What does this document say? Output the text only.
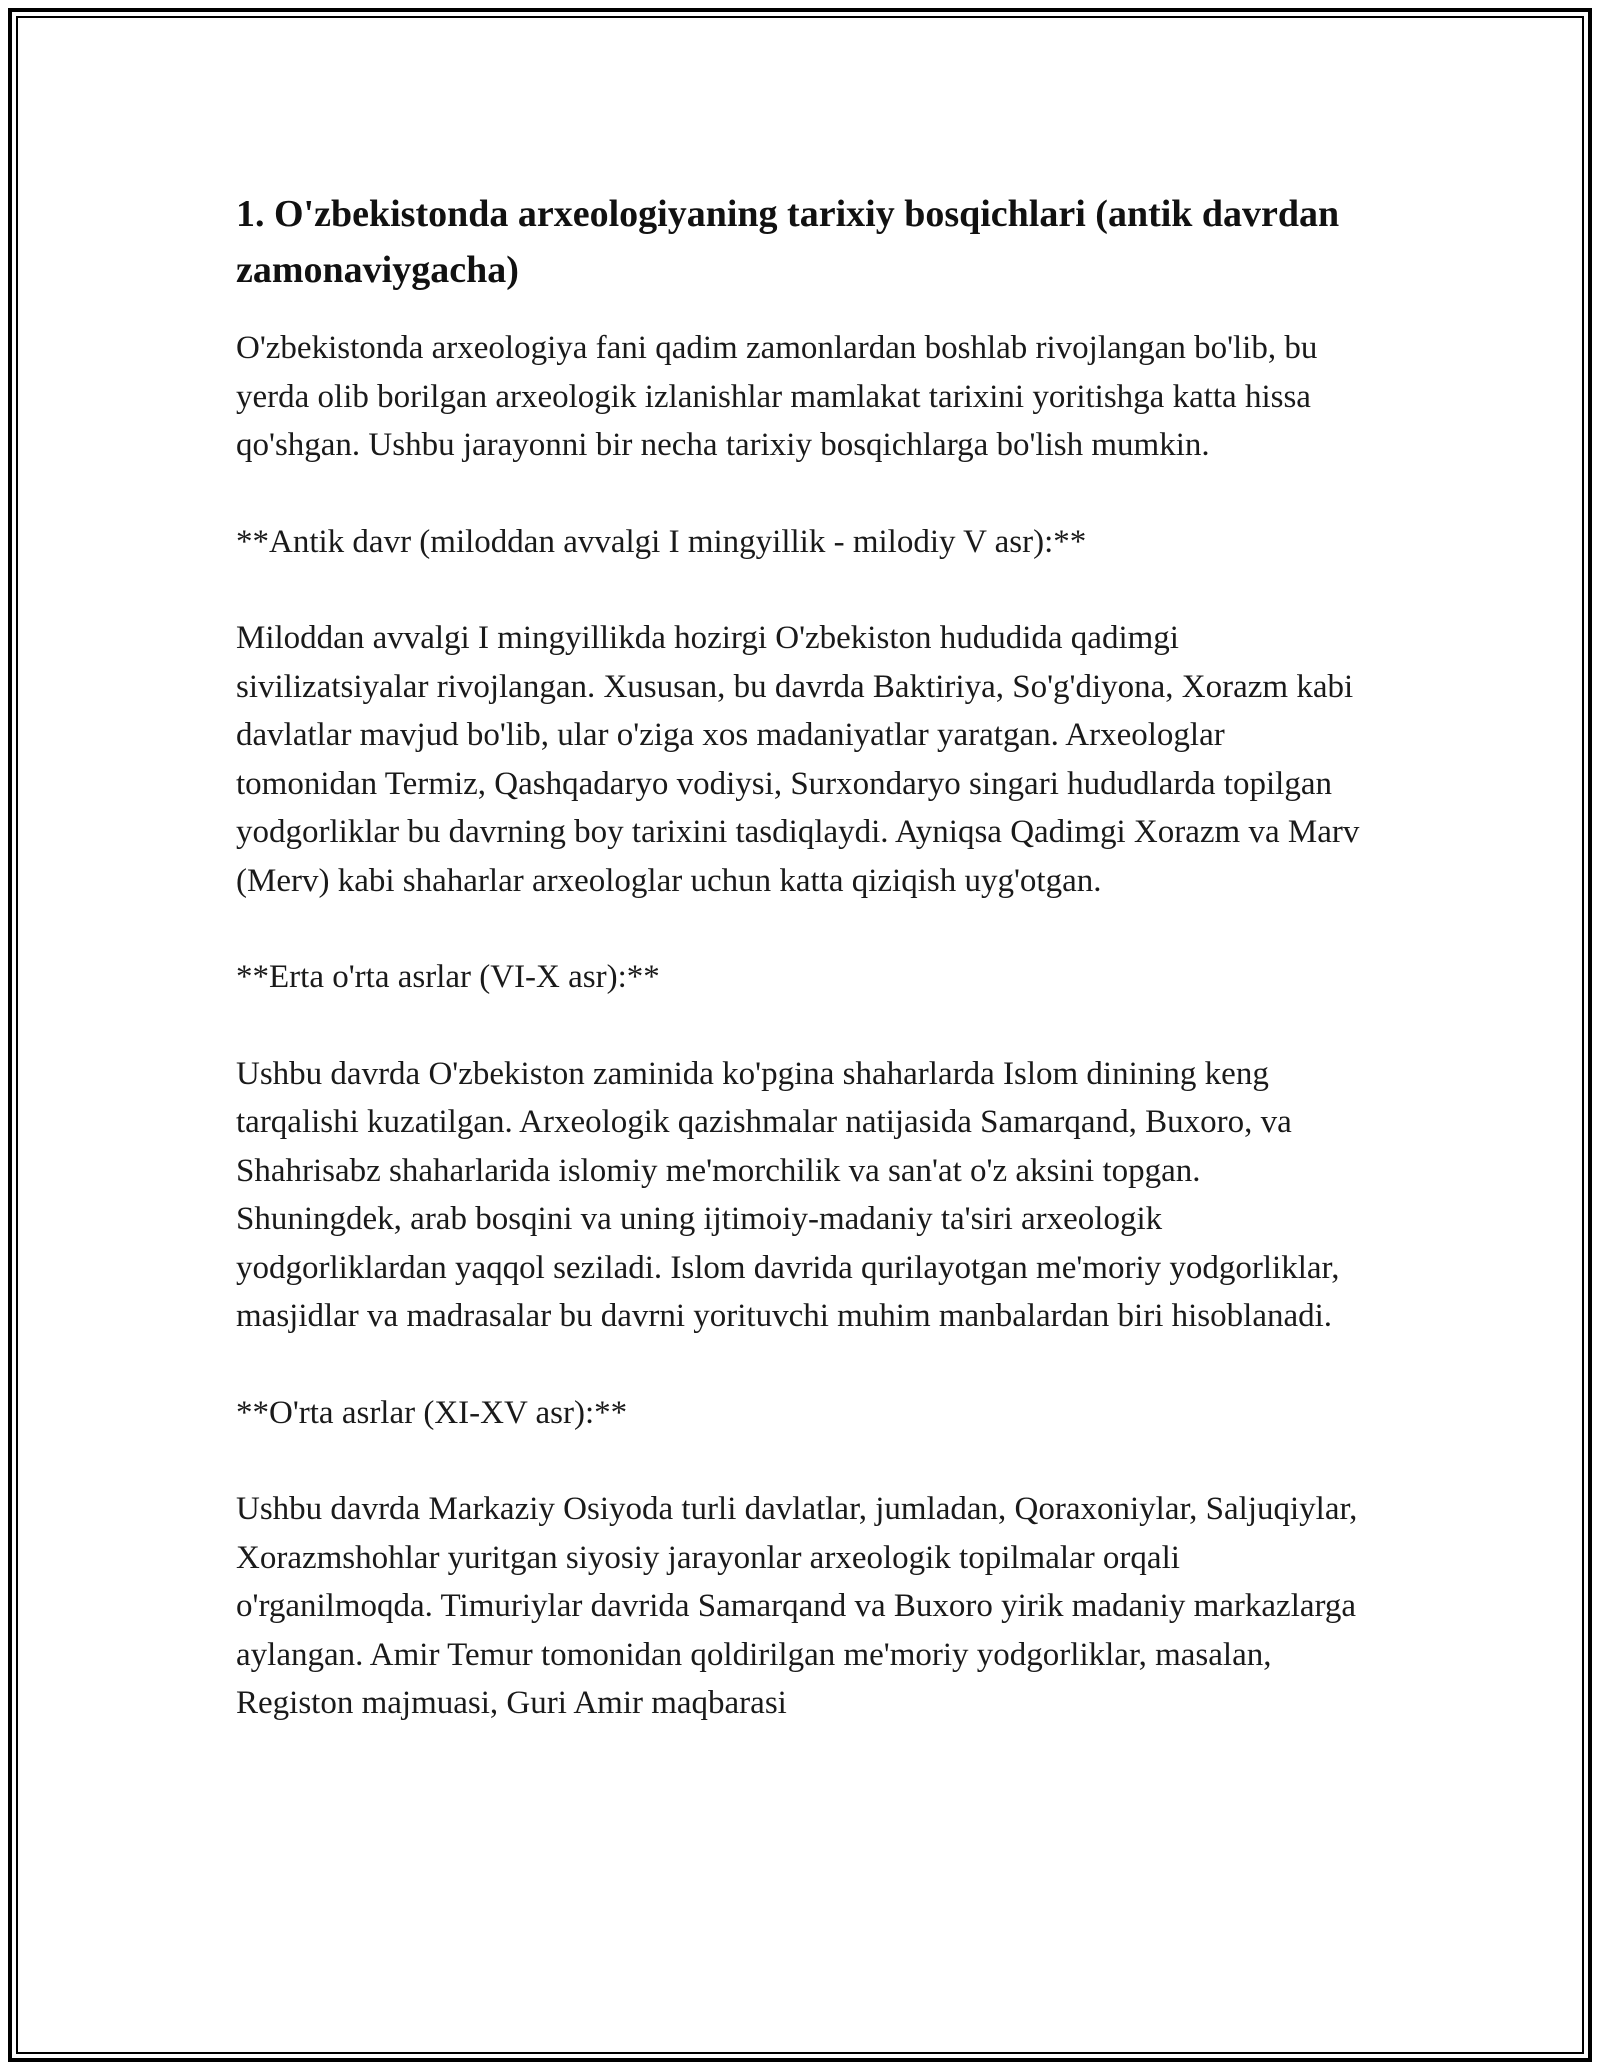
1. O'zbekistonda arxeologiyaning tarixiy bosqichlari (antik davrdan zamonaviygacha)

O'zbekistonda arxeologiya fani qadim zamonlardan boshlab rivojlangan bo'lib, bu yerda olib borilgan arxeologik izlanishlar mamlakat tarixini yoritishga katta hissa qo'shgan. Ushbu jarayonni bir necha tarixiy bosqichlarga bo'lish mumkin.

**Antik davr (miloddan avvalgi I mingyillik - milodiy V asr):**

Miloddan avvalgi I mingyillikda hozirgi O'zbekiston hududida qadimgi sivilizatsiyalar rivojlangan. Xususan, bu davrda Baktiriya, So'g'diyona, Xorazm kabi davlatlar mavjud bo'lib, ular o'ziga xos madaniyatlar yaratgan. Arxeologlar tomonidan Termiz, Qashqadaryo vodiysi, Surxondaryo singari hududlarda topilgan yodgorliklar bu davrning boy tarixini tasdiqlaydi. Ayniqsa Qadimgi Xorazm va Marv (Merv) kabi shaharlar arxeologlar uchun katta qiziqish uyg'otgan.

**Erta o'rta asrlar (VI-X asr):**

Ushbu davrda O'zbekiston zaminida ko'pgina shaharlarda Islom dinining keng tarqalishi kuzatilgan. Arxeologik qazishmalar natijasida Samarqand, Buxoro, va Shahrisabz shaharlarida islomiy me'morchilik va san'at o'z aksini topgan. Shuningdek, arab bosqini va uning ijtimoiy-madaniy ta'siri arxeologik yodgorliklardan yaqqol seziladi. Islom davrida qurilayotgan me'moriy yodgorliklar, masjidlar va madrasalar bu davrni yorituvchi muhim manbalardan biri hisoblanadi.

**O'rta asrlar (XI-XV asr):**

Ushbu davrda Markaziy Osiyoda turli davlatlar, jumladan, Qoraxoniylar, Saljuqiylar, Xorazmshohlar yuritgan siyosiy jarayonlar arxeologik topilmalar orqali o'rganilmoqda. Timuriylar davrida Samarqand va Buxoro yirik madaniy markazlarga aylangan. Amir Temur tomonidan qoldirilgan me'moriy yodgorliklar, masalan, Registon majmuasi, Guri Amir maqbarasi
